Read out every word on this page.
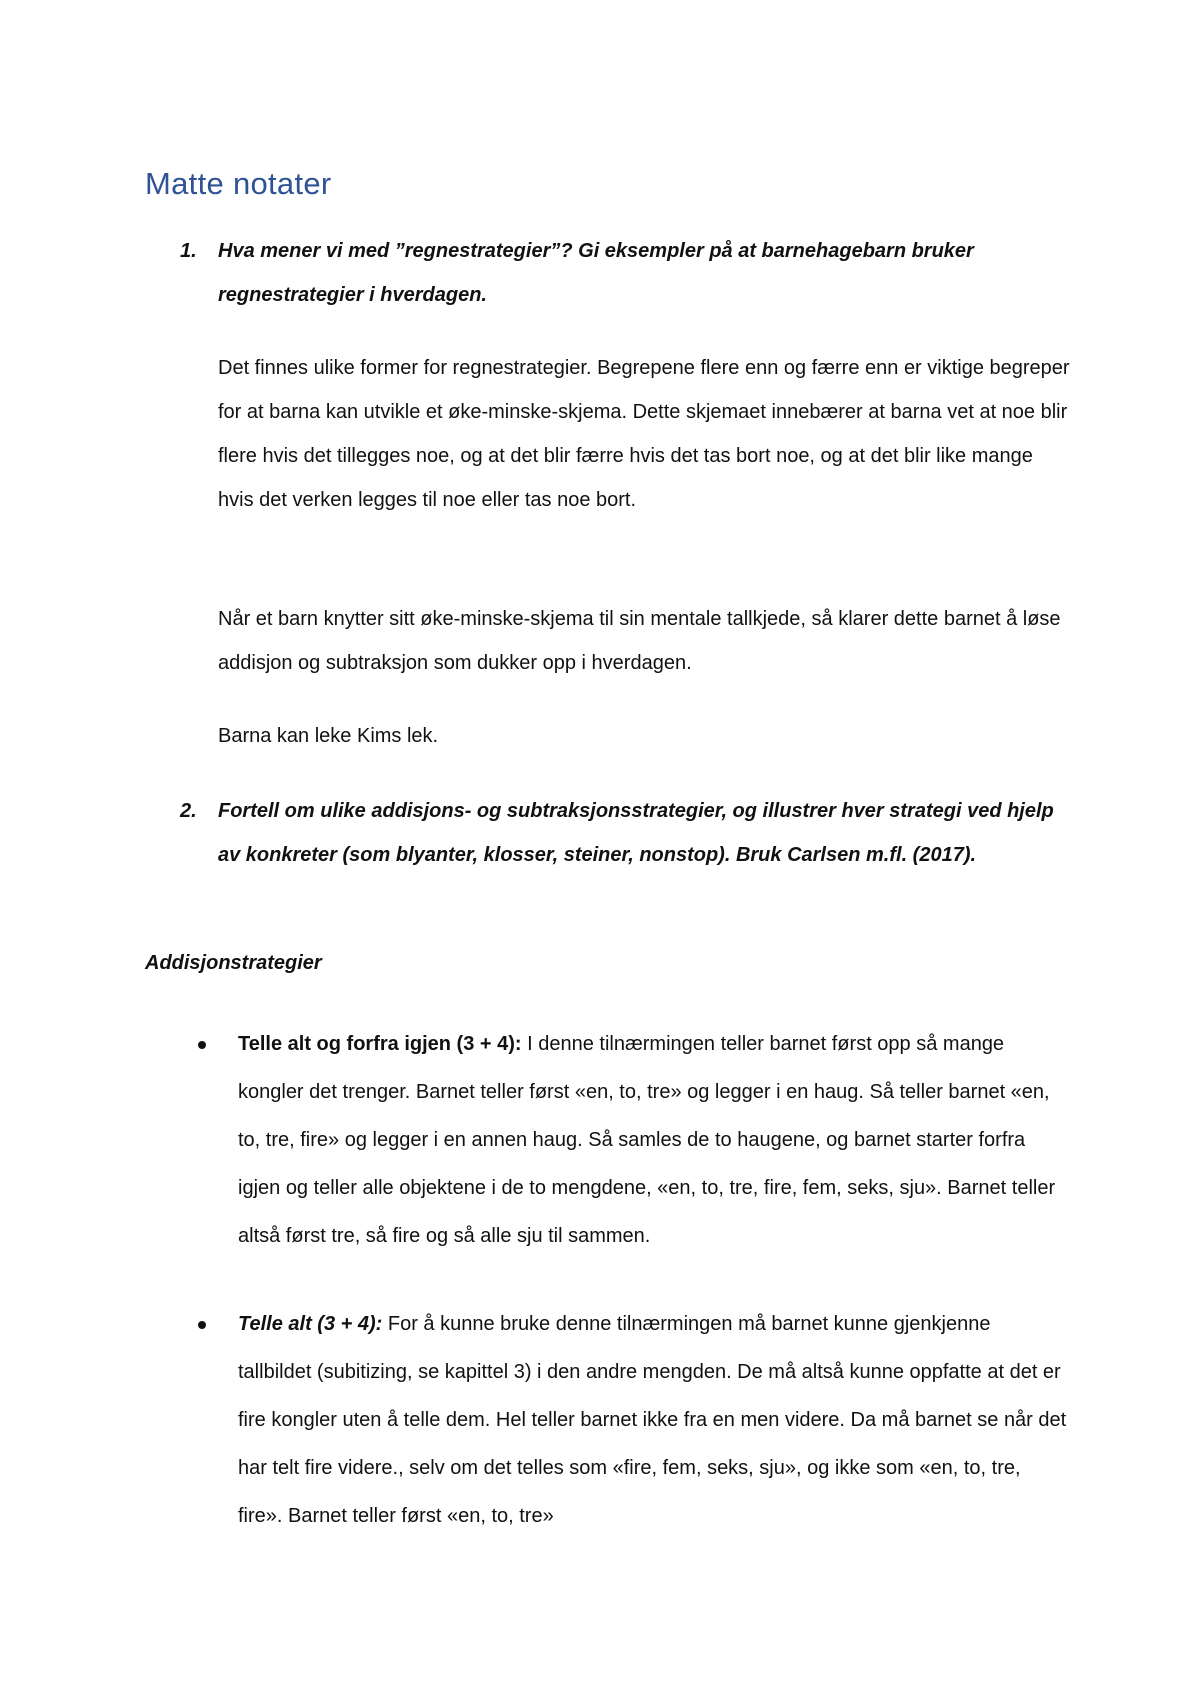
Matte notater
1. Hva mener vi med ”regnestrategier”? Gi eksempler på at barnehagebarn bruker regnestrategier i hverdagen.
Det finnes ulike former for regnestrategier. Begrepene flere enn og færre enn er viktige begreper for at barna kan utvikle et øke-minske-skjema. Dette skjemaet innebærer at barna vet at noe blir flere hvis det tillegges noe, og at det blir færre hvis det tas bort noe, og at det blir like mange hvis det verken legges til noe eller tas noe bort.
Når et barn knytter sitt øke-minske-skjema til sin mentale tallkjede, så klarer dette barnet å løse addisjon og subtraksjon som dukker opp i hverdagen.
Barna kan leke Kims lek.
2. Fortell om ulike addisjons- og subtraksjonsstrategier, og illustrer hver strategi ved hjelp av konkreter (som blyanter, klosser, steiner, nonstop). Bruk Carlsen m.fl. (2017).
Addisjonstrategier
Telle alt og forfra igjen (3 + 4): I denne tilnærmingen teller barnet først opp så mange kongler det trenger. Barnet teller først «en, to, tre» og legger i en haug. Så teller barnet «en, to, tre, fire» og legger i en annen haug. Så samles de to haugene, og barnet starter forfra igjen og teller alle objektene i de to mengdene, «en, to, tre, fire, fem, seks, sju». Barnet teller altså først tre, så fire og så alle sju til sammen.
Telle alt (3 + 4): For å kunne bruke denne tilnærmingen må barnet kunne gjenkjenne tallbildet (subitizing, se kapittel 3) i den andre mengden. De må altså kunne oppfatte at det er fire kongler uten å telle dem. Hel teller barnet ikke fra en men videre. Da må barnet se når det har telt fire videre., selv om det telles som «fire, fem, seks, sju», og ikke som «en, to, tre, fire». Barnet teller først «en, to, tre»
